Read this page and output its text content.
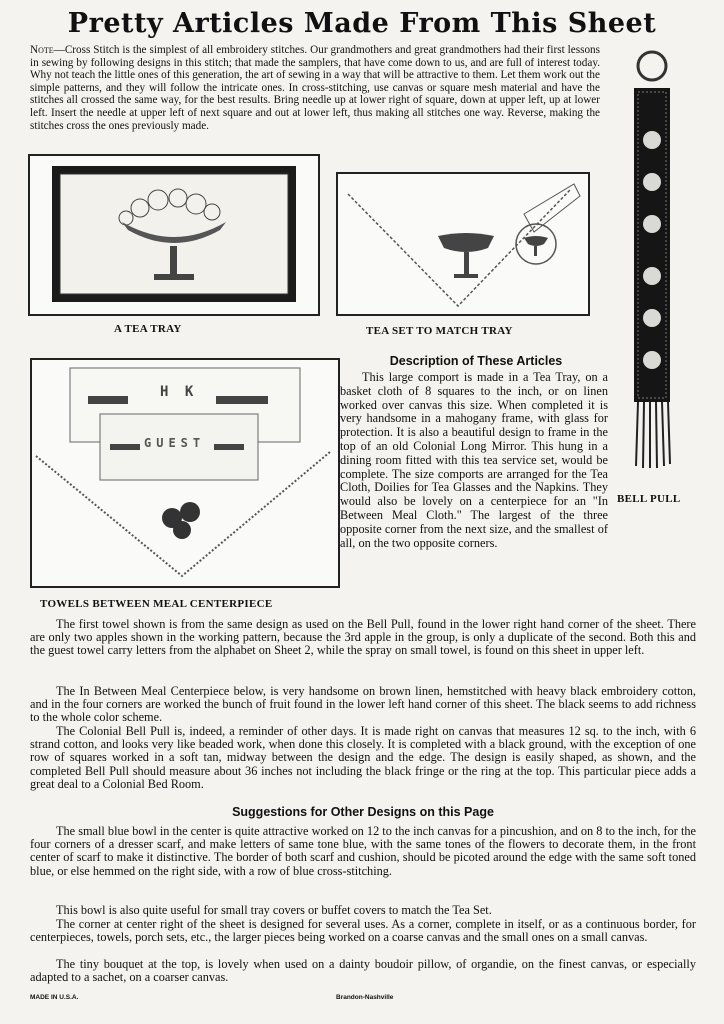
Pretty Articles Made From This Sheet

Note—Cross Stitch is the simplest of all embroidery stitches. Our grandmothers and great grandmothers had their first lessons in sewing by following designs in this stitch; that made the samplers, that have come down to us, and are full of interest today. Why not teach the little ones of this generation, the art of sewing in a way that will be attractive to them. Let them work out the simple patterns, and they will follow the intricate ones. In cross-stitching, use canvas or square mesh material and have the stitches all crossed the same way, for the best results. Bring needle up at lower right of square, down at upper left, up at lower left. Insert the needle at upper left of next square and out at lower left, thus making all stitches one way. Reverse, making the stitches cross the ones previously made.

H K
GUEST
A TEA TRAY	TEA SET TO MATCH TRAY
TOWELS BETWEEN MEAL CENTERPIECE
BELL PULL
Description of These Articles

This large comport is made in a Tea Tray, on a basket cloth of 8 squares to the inch, or on linen worked over canvas this size. When completed it is very handsome in a mahogany frame, with glass for protection. It is also a beautiful design to frame in the top of an old Colonial Long Mirror. This hung in a dining room fitted with this tea service set, would be complete. The size comports are arranged for the Tea Cloth, Doilies for Tea Glasses and the Napkins. They would also be lovely on a centerpiece for an "In Between Meal Cloth." The largest of the three opposite corner from the next size, and the smallest of all, on the two opposite corners.

The first towel shown is from the same design as used on the Bell Pull, found in the lower right hand corner of the sheet. There are only two apples shown in the working pattern, because the 3rd apple in the group, is only a duplicate of the second. Both this and the guest towel carry letters from the alphabet on Sheet 2, while the spray on small towel, is found on this sheet in upper left.

The In Between Meal Centerpiece below, is very handsome on brown linen, hemstitched with heavy black embroidery cotton, and in the four corners are worked the bunch of fruit found in the lower left hand corner of this sheet. The black seems to add richness to the whole color scheme.

The Colonial Bell Pull is, indeed, a reminder of other days. It is made right on canvas that measures 12 sq. to the inch, with 6 strand cotton, and looks very like beaded work, when done this closely. It is completed with a black ground, with the exception of one row of squares worked in a soft tan, midway between the design and the edge. The design is easily shaped, as shown, and the completed Bell Pull should measure about 36 inches not including the black fringe or the ring at the top. This particular piece adds a great deal to a Colonial Bed Room.

Suggestions for Other Designs on this Page

The small blue bowl in the center is quite attractive worked on 12 to the inch canvas for a pincushion, and on 8 to the inch, for the four corners of a dresser scarf, and make letters of same tone blue, with the same tones of the flowers to decorate them, in the front center of scarf to make it distinctive. The border of both scarf and cushion, should be picoted around the edge with the same soft toned blue, or else hemmed on the right side, with a row of blue cross-stitching.

This bowl is also quite useful for small tray covers or buffet covers to match the Tea Set.

The corner at center right of the sheet is designed for several uses. As a corner, complete in itself, or as a continuous border, for centerpieces, towels, porch sets, etc., the larger pieces being worked on a coarse canvas and the small ones on a small canvas.

The tiny bouquet at the top, is lovely when used on a dainty boudoir pillow, of organdie, on the finest canvas, or especially adapted to a sachet, on a coarser canvas.

MADE IN U.S.A.	Brandon-Nashville
